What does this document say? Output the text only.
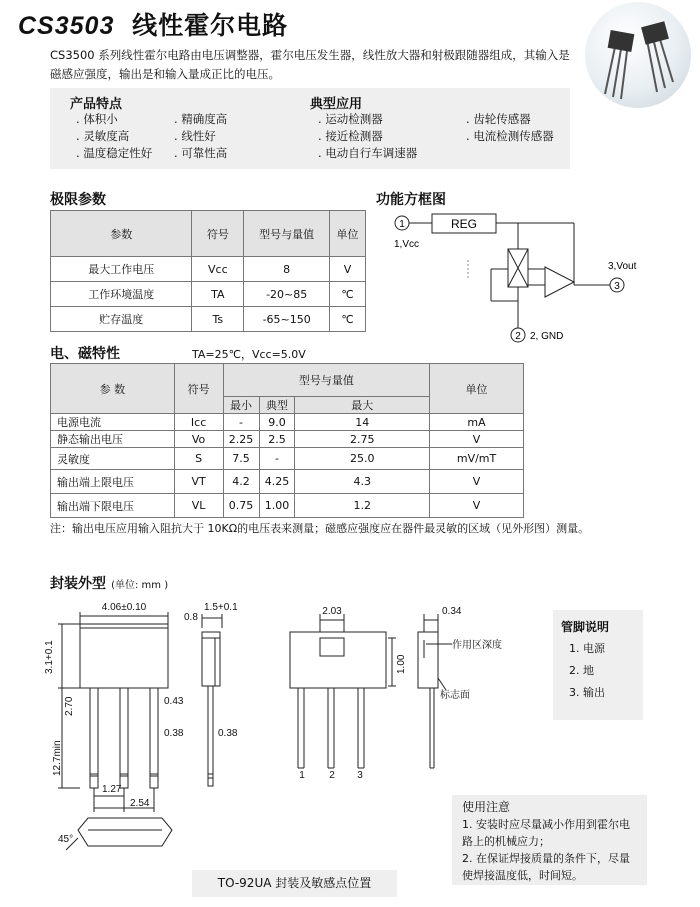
CS3503 线性霍尔电路
CS3500 系列线性霍尔电路由电压调整器，霍尔电压发生器，线性放大器和射极跟随器组成，其输入是磁感应强度，输出是和输入量成正比的电压。
产品特点
. 体积小
. 灵敏度高
. 温度稳定性好
. 精确度高
. 线性好
. 可靠性高
典型应用
. 运动检测器
. 接近检测器
. 电动自行车调速器
. 齿轮传感器
. 电流检测传感器
极限参数
参数	符号	型号与量值	单位
最大工作电压	Vcc	8	V
工作环境温度	TA	-20~85	℃
贮存温度	Ts	-65~150	℃
功能方框图
1	REG
1,Vcc
3,Vout
3
2 2, GND
电、磁特性	TA=25℃，Vcc=5.0V
参 数	符号	型号与量值			单位
		最小	典型	最大	
电源电流	Icc	-	9.0	14	mA
静态输出电压	Vo	2.25	2.5	2.75	V
灵敏度	S	7.5	-	25.0	mV/mT
输出端上限电压	VT	4.2	4.25	4.3	V
输出端下限电压	VL	0.75	1.00	1.2	V
注：输出电压应用输入阻抗大于 10KΩ的电压表来测量；磁感应强度应在器件最灵敏的区域（见外形图）测量。
封装外型 (单位: mm )
4.06±0.10
0.8
3.1+0.1
1.5+0.1
2.70	0.43
0.38
12.7min
1.27
2.54
45°
0.38
2.03	0.34
1.00
作用区深度
标志面
1 2 3
管脚说明
1. 电源
2. 地
3. 输出
使用注意
1. 安装时应尽量减小作用到霍尔电路上的机械应力；
2. 在保证焊接质量的条件下，尽量使焊接温度低，时间短。
TO-92UA 封装及敏感点位置
